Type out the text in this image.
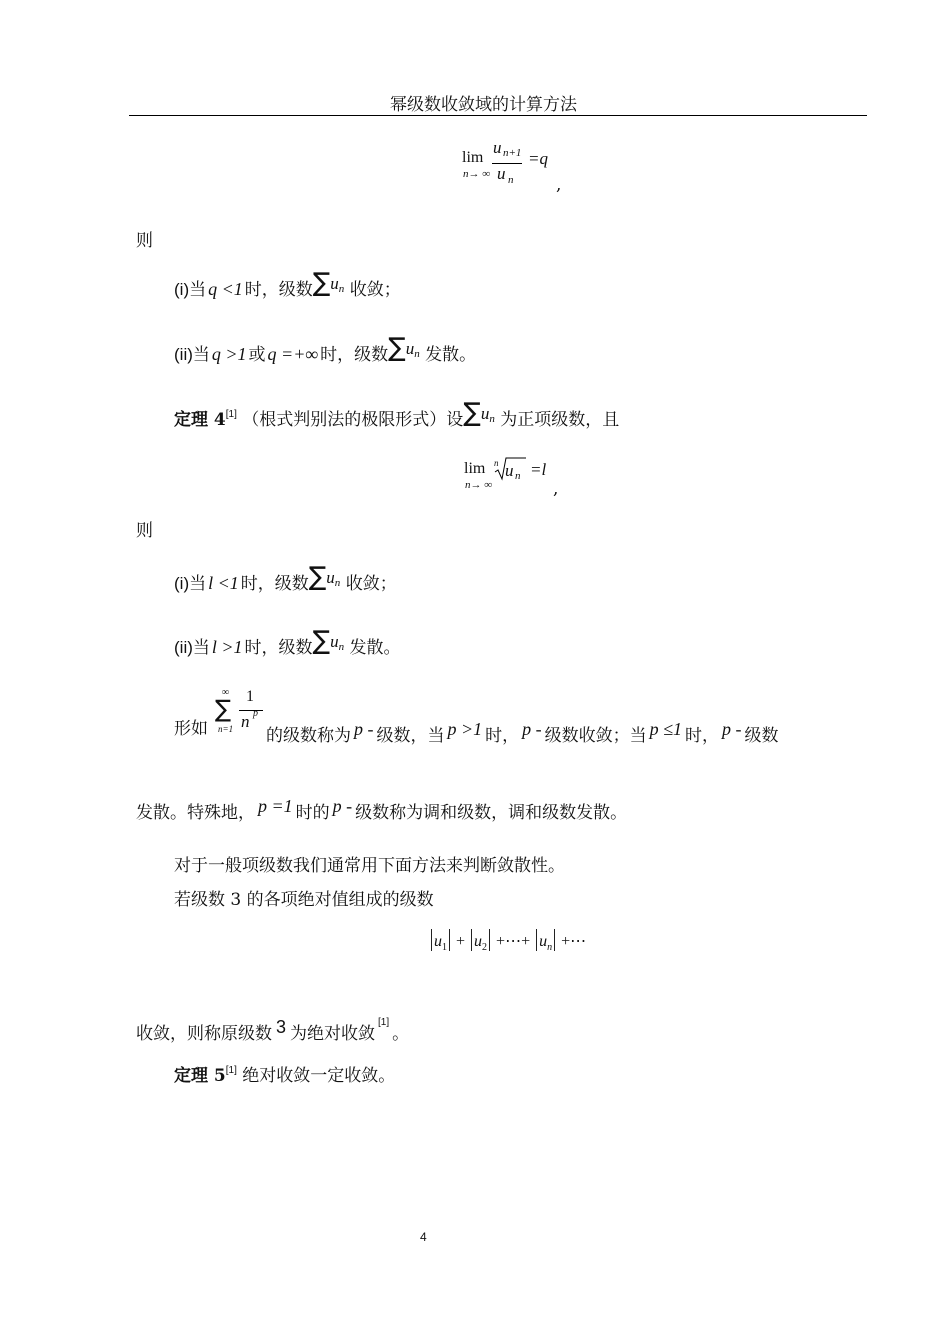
幂级数收敛域的计算方法
lim
n→ ∞
u n+1
u n
=q
,
则
(i)当 q <1 时，级数∑un 收敛；
(ii)当 q >1 或 q =+∞ 时，级数∑un 发散。
定理 4[1] （根式判别法的极限形式）设∑un 为正项级数，且
lim
n→ ∞
n u n =l
,
则
(i)当 l <1 时，级数∑un 收敛；
(ii)当 l >1 时，级数∑un 发散。
形如
∞
∑
n=1
1
n p
的级数称为 p - 级数，当 p >1 时， p - 级数收敛；当 p ≤1 时， p - 级数
发散。特殊地， p =1 时的 p - 级数称为调和级数，调和级数发散。
对于一般项级数我们通常用下面方法来判断敛散性。
若级数 3 的各项绝对值组成的级数
$u_1 + u_2$ +⋯+ $u_n$ +⋯
收敛，则称原级数 3 为绝对收敛[1]。
定理 5[1] 绝对收敛一定收敛。
4
